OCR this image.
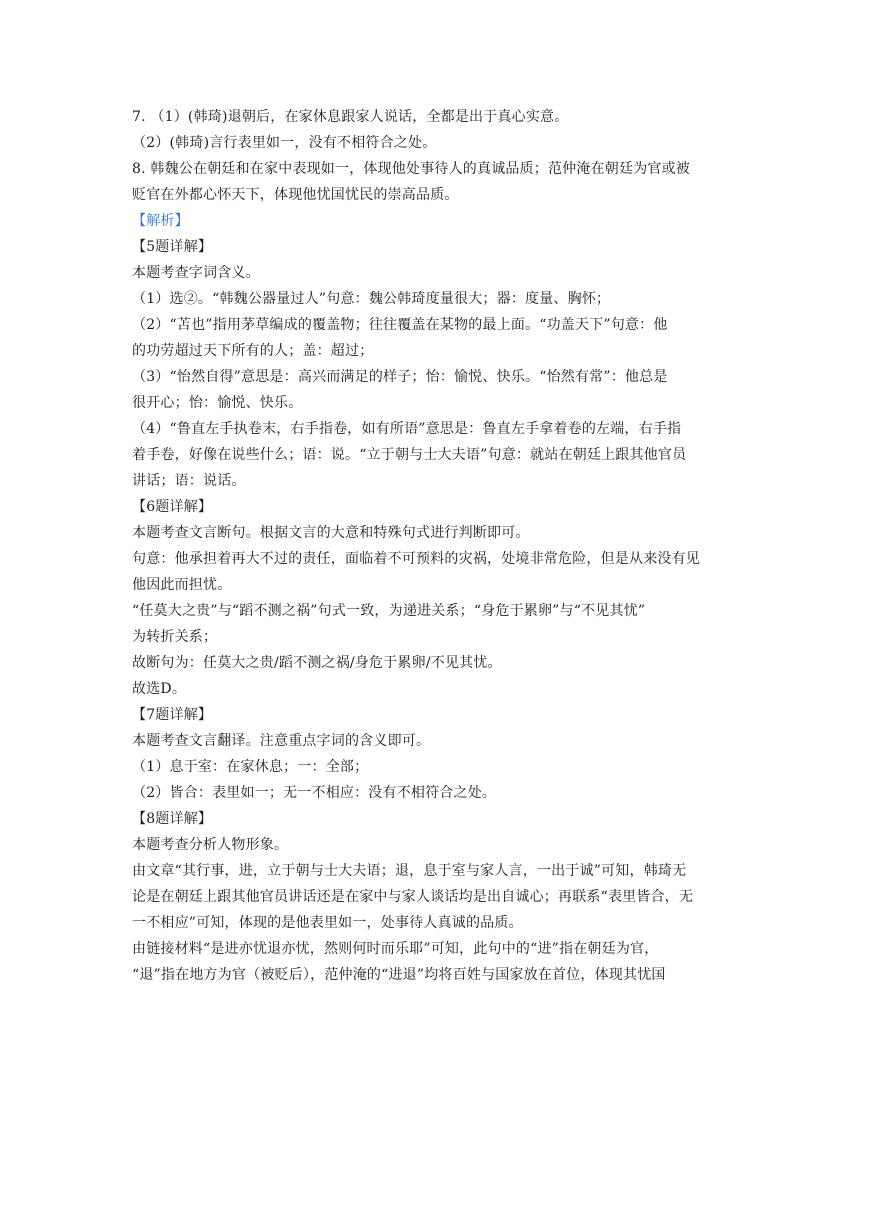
7. （1）(韩琦)退朝后，在家休息跟家人说话，全都是出于真心实意。
（2）(韩琦)言行表里如一，没有不相符合之处。
8. 韩魏公在朝廷和在家中表现如一，体现他处事待人的真诚品质；范仲淹在朝廷为官或被
贬官在外都心怀天下，体现他忧国忧民的崇高品质。
【解析】
【5题详解】
本题考查字词含义。
（1）选②。“韩魏公器量过人”句意：魏公韩琦度量很大；器：度量、胸怀；
（2）“苫也”指用茅草编成的覆盖物；往往覆盖在某物的最上面。“功盖天下”句意：他
的功劳超过天下所有的人；盖：超过；
（3）“怡然自得”意思是：高兴而满足的样子；怡：愉悦、快乐。“怡然有常”：他总是
很开心；怡：愉悦、快乐。
（4）“鲁直左手执卷末，右手指卷，如有所语”意思是：鲁直左手拿着卷的左端，右手指
着手卷，好像在说些什么；语：说。“立于朝与士大夫语”句意：就站在朝廷上跟其他官员
讲话；语：说话。
【6题详解】
本题考查文言断句。根据文言的大意和特殊句式进行判断即可。
句意：他承担着再大不过的责任，面临着不可预料的灾祸，处境非常危险，但是从来没有见
他因此而担忧。
“任莫大之贵”与“蹈不测之祸”句式一致，为递进关系；“身危于累卵”与“不见其忧”
为转折关系；
故断句为：任莫大之贵/蹈不测之祸/身危于累卵/不见其忧。
故选D。
【7题详解】
本题考查文言翻译。注意重点字词的含义即可。
（1）息于室：在家休息；一：全部；
（2）皆合：表里如一；无一不相应：没有不相符合之处。
【8题详解】
本题考查分析人物形象。
由文章“其行事，进，立于朝与士大夫语；退，息于室与家人言，一出于诚”可知，韩琦无
论是在朝廷上跟其他官员讲话还是在家中与家人谈话均是出自诚心；再联系“表里皆合，无
一不相应”可知，体现的是他表里如一，处事待人真诚的品质。
由链接材料“是进亦忧退亦忧，然则何时而乐耶”可知，此句中的“进”指在朝廷为官，
“退”指在地方为官（被贬后），范仲淹的“进退”均将百姓与国家放在首位，体现其忧国
